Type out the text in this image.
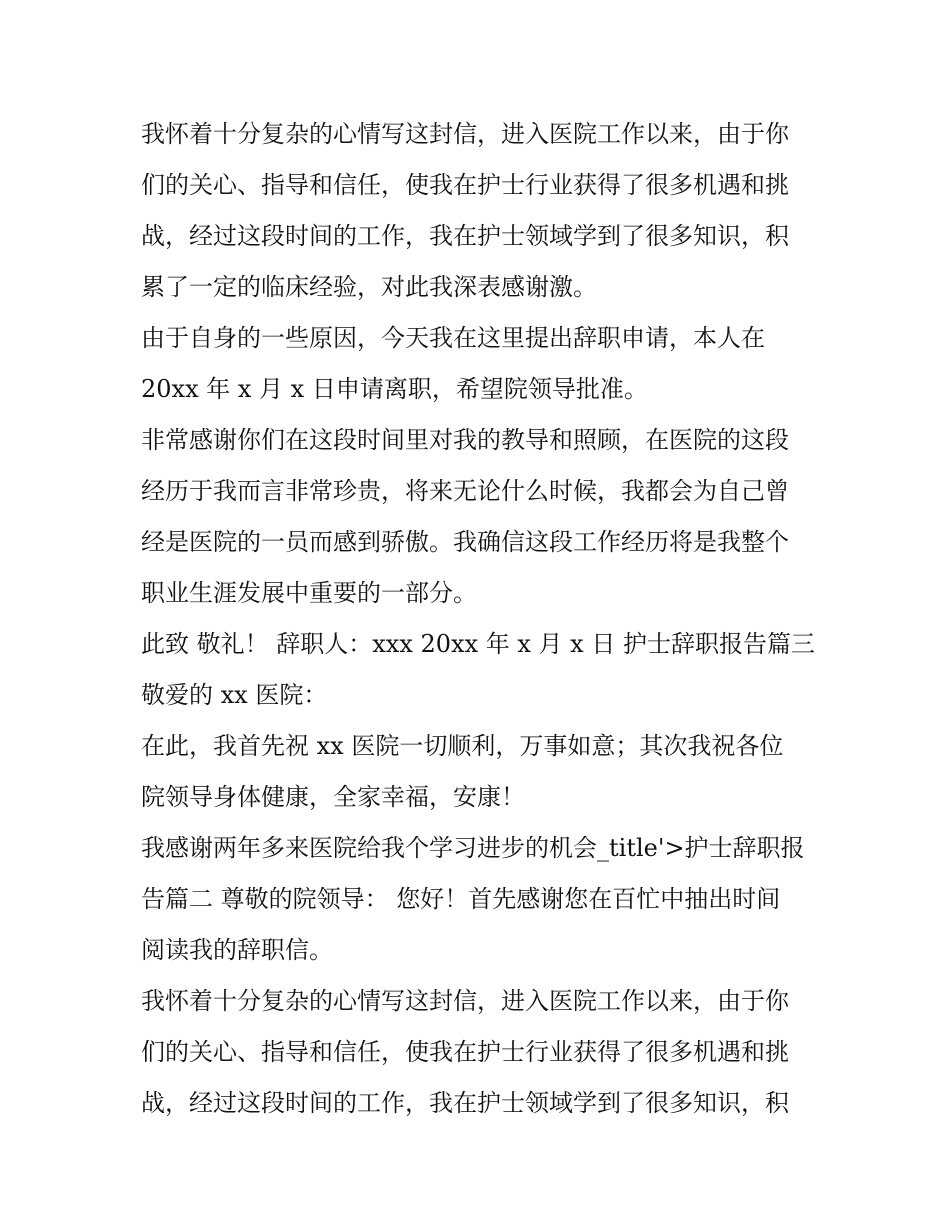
我怀着十分复杂的心情写这封信，进入医院工作以来，由于你
们的关心、指导和信任，使我在护士行业获得了很多机遇和挑
战，经过这段时间的工作，我在护士领域学到了很多知识，积
累了一定的临床经验，对此我深表感谢激。

由于自身的一些原因，今天我在这里提出辞职申请，本人在
20xx 年 x 月 x 日申请离职，希望院领导批准。

非常感谢你们在这段时间里对我的教导和照顾，在医院的这段
经历于我而言非常珍贵，将来无论什么时候，我都会为自己曾
经是医院的一员而感到骄傲。我确信这段工作经历将是我整个
职业生涯发展中重要的一部分。

此致 敬礼！ 辞职人：xxx 20xx 年 x 月 x 日 护士辞职报告篇三
敬爱的 xx 医院：

在此，我首先祝 xx 医院一切顺利，万事如意；其次我祝各位
院领导身体健康，全家幸福，安康！

我感谢两年多来医院给我个学习进步的机会_title'>护士辞职报
告篇二 尊敬的院领导： 您好！首先感谢您在百忙中抽出时间
阅读我的辞职信。

我怀着十分复杂的心情写这封信，进入医院工作以来，由于你
们的关心、指导和信任，使我在护士行业获得了很多机遇和挑
战，经过这段时间的工作，我在护士领域学到了很多知识，积
